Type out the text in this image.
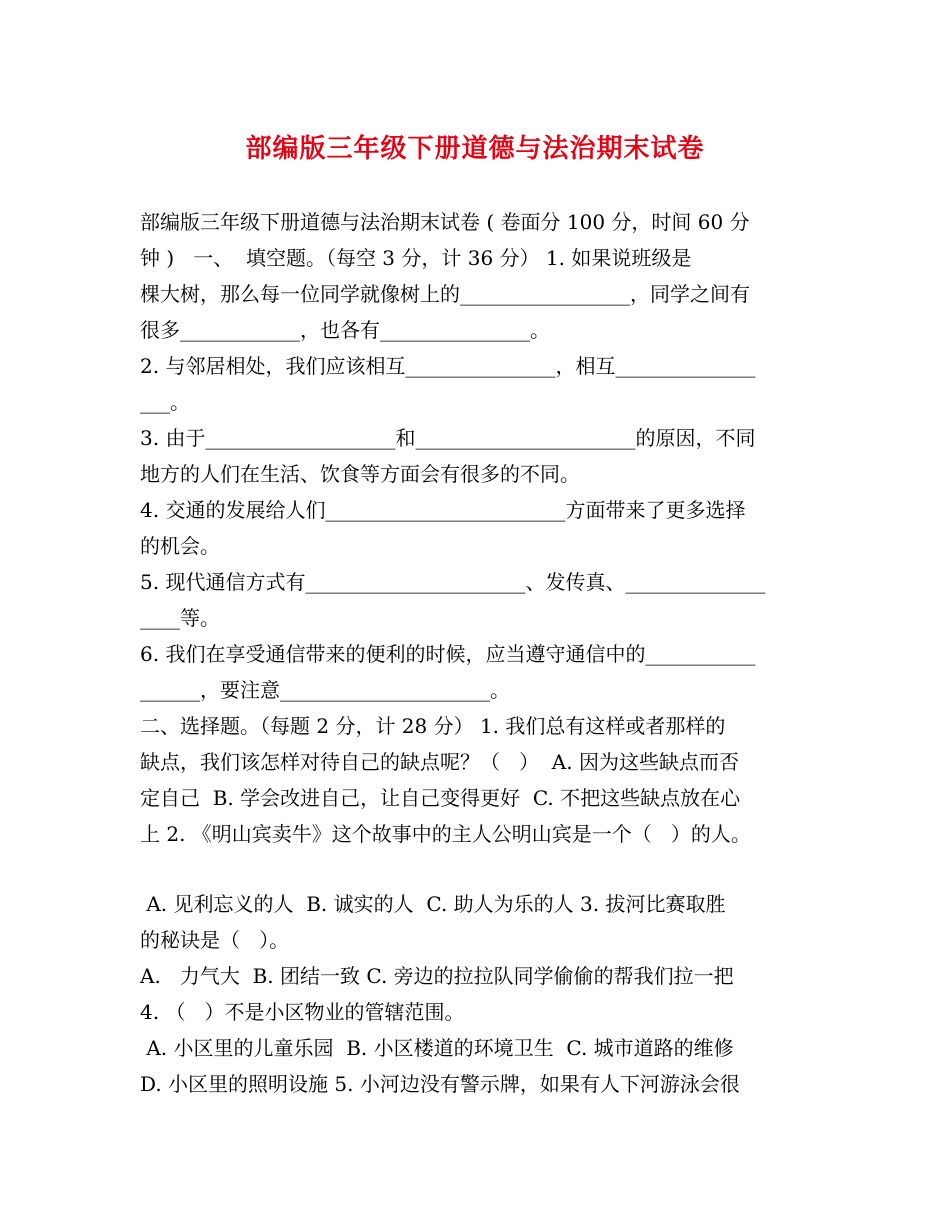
部编版三年级下册道德与法治期末试卷
部编版三年级下册道德与法治期末试卷 ( 卷面分 100 分，时间 60 分
钟 )   一、  填空题。（每空 3 分，计 36 分） 1. 如果说班级是
棵大树，那么每一位同学就像树上的_________________，同学之间有
很多____________，也各有_______________。
2. 与邻居相处，我们应该相互_______________，相互______________
___。
3. 由于___________________和______________________的原因，不同
地方的人们在生活、饮食等方面会有很多的不同。
4. 交通的发展给人们________________________方面带来了更多选择
的机会。
5. 现代通信方式有______________________、发传真、______________
____等。
6. 我们在享受通信带来的便利的时候，应当遵守通信中的___________
______，要注意_____________________。
二、选择题。（每题 2 分，计 28 分） 1. 我们总有这样或者那样的
缺点，我们该怎样对待自己的缺点呢？（   ）  A. 因为这些缺点而否
定自己  B. 学会改进自己，让自己变得更好  C. 不把这些缺点放在心
上 2. 《明山宾卖牛》这个故事中的主人公明山宾是一个（   ）的人。
A. 见利忘义的人  B. 诚实的人  C. 助人为乐的人 3. 拔河比赛取胜
的秘诀是（   ）。
A.   力气大  B. 团结一致 C. 旁边的拉拉队同学偷偷的帮我们拉一把
4. （   ）不是小区物业的管辖范围。
A. 小区里的儿童乐园  B. 小区楼道的环境卫生  C. 城市道路的维修
D. 小区里的照明设施 5. 小河边没有警示牌，如果有人下河游泳会很
